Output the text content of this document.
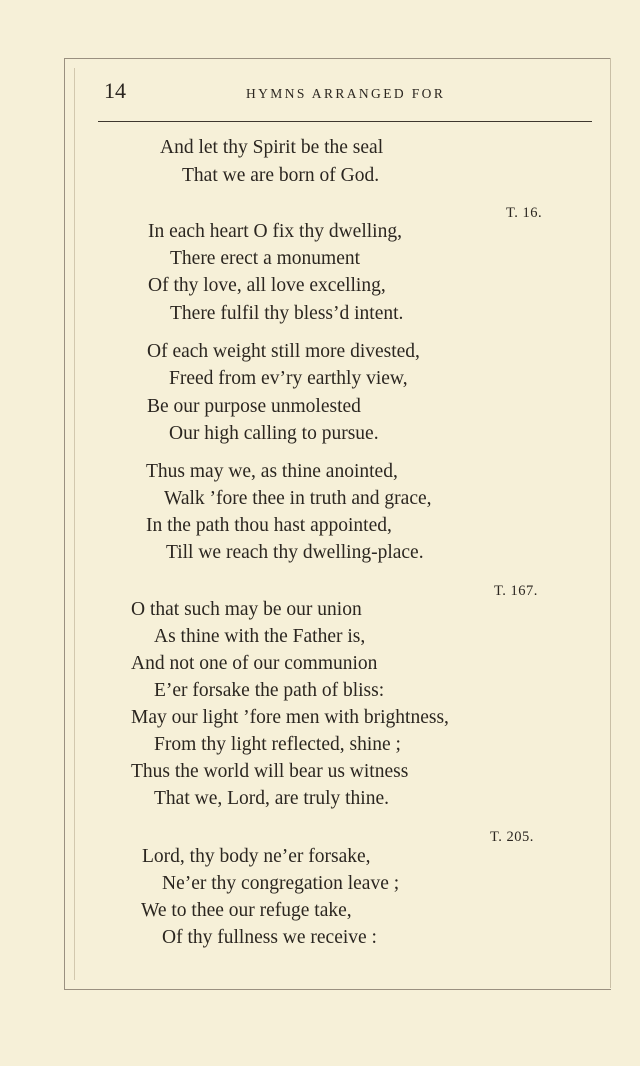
14	HYMNS ARRANGED FOR
And let thy Spirit be the seal
That we are born of God.
T. 16.
In each heart O fix thy dwelling,
There erect a monument
Of thy love, all love excelling,
There fulfil thy bless’d intent.
Of each weight still more divested,
Freed from ev’ry earthly view,
Be our purpose unmolested
Our high calling to pursue.
Thus may we, as thine anointed,
Walk ’fore thee in truth and grace,
In the path thou hast appointed,
Till we reach thy dwelling-place.
T. 167.
O that such may be our union
As thine with the Father is,
And not one of our communion
E’er forsake the path of bliss:
May our light ’fore men with brightness,
From thy light reflected, shine ;
Thus the world will bear us witness
That we, Lord, are truly thine.
T. 205.
Lord, thy body ne’er forsake,
Ne’er thy congregation leave ;
We to thee our refuge take,
Of thy fullness we receive :
